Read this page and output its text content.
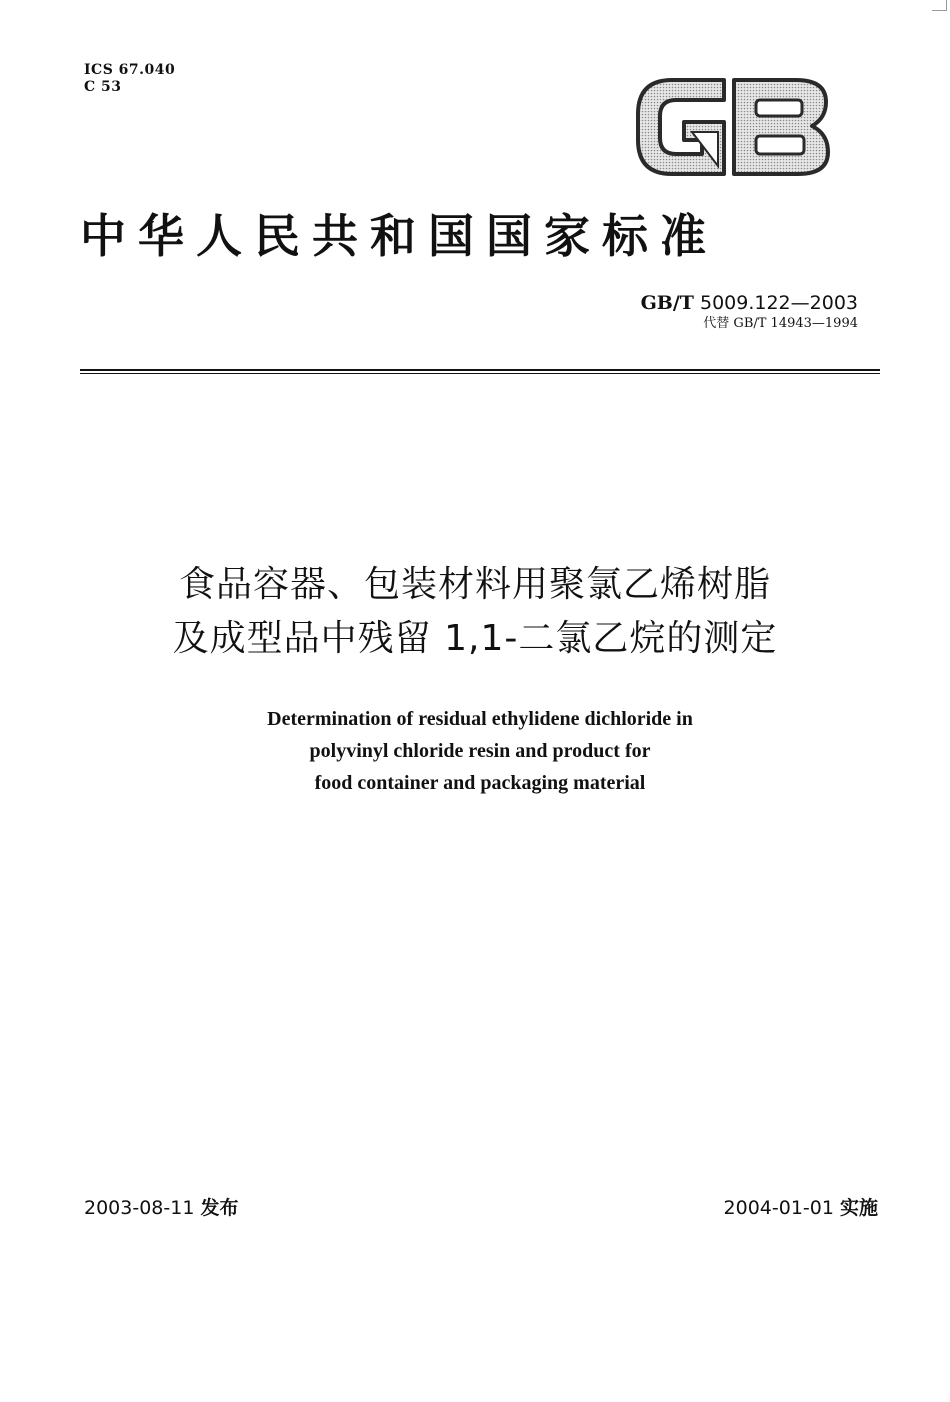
ICS 67.040
C 53
中华人民共和国国家标准
GB/T 5009.122—2003
代替 GB/T 14943—1994
食品容器、包装材料用聚氯乙烯树脂
及成型品中残留 1,1-二氯乙烷的测定
Determination of residual ethylidene dichloride in
polyvinyl chloride resin and product for
food container and packaging material
2003-08-11 发布	2004-01-01 实施
